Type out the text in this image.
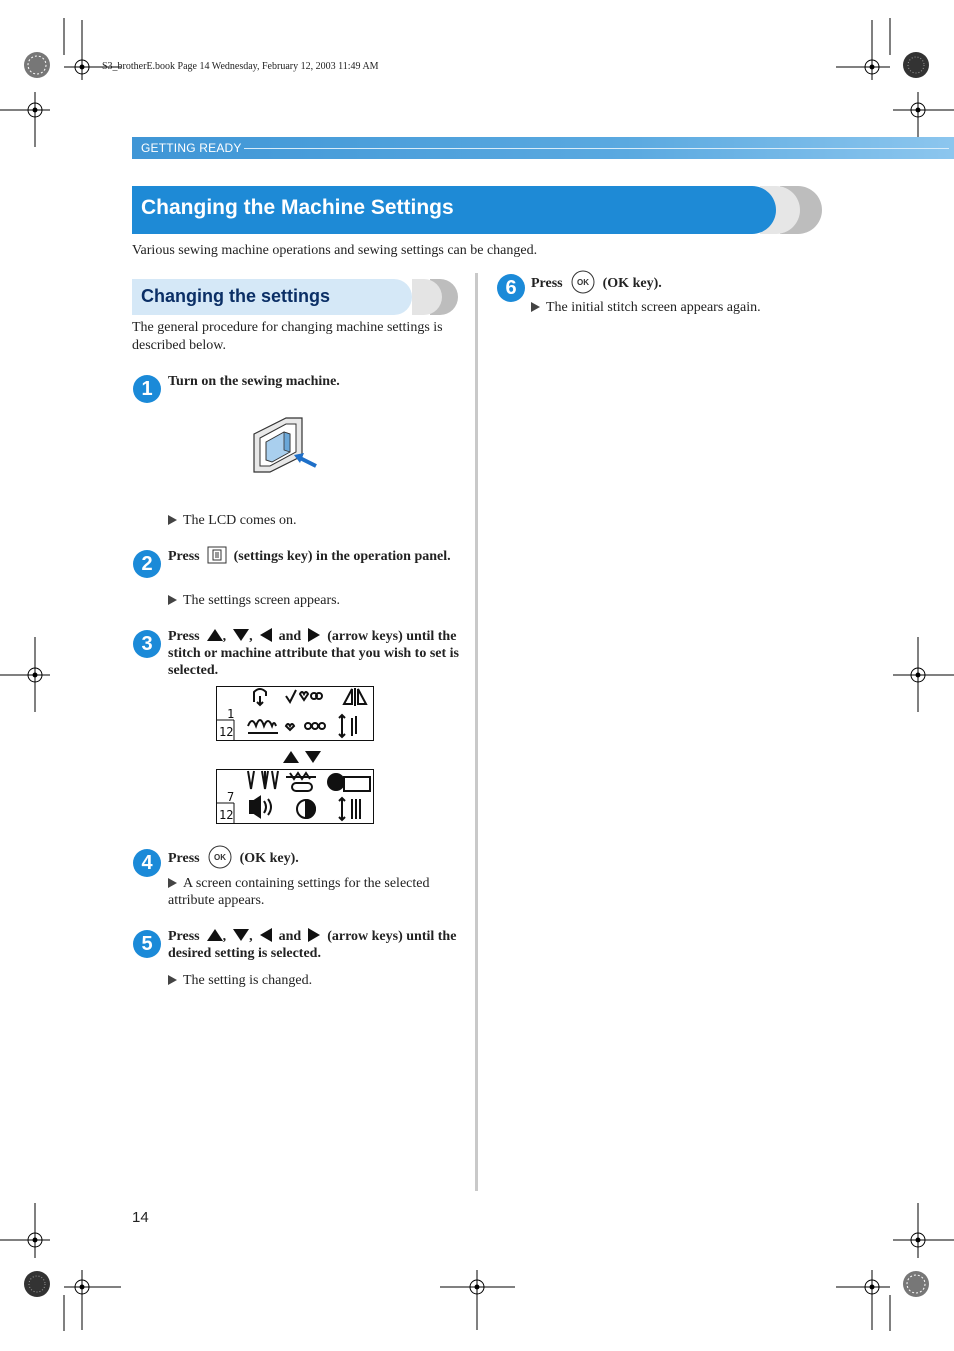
S3_brotherE.book Page 14 Wednesday, February 12, 2003 11:49 AM
GETTING READY
Changing the Machine Settings
Various sewing machine operations and sewing settings can be changed.
Changing the settings
The general procedure for changing machine settings is described below.
1	Turn on the sewing machine.
The LCD comes on.
2	Press (settings key) in the operation panel.
The settings screen appears.
3	Press , , and (arrow keys) until the stitch or machine attribute that you wish to set is selected.
1
12
7
12
4	Press OK (OK key).
A screen containing settings for the selected attribute appears.
5	Press , , and (arrow keys) until the desired setting is selected.
The setting is changed.
6	Press OK (OK key).
The initial stitch screen appears again.
14
